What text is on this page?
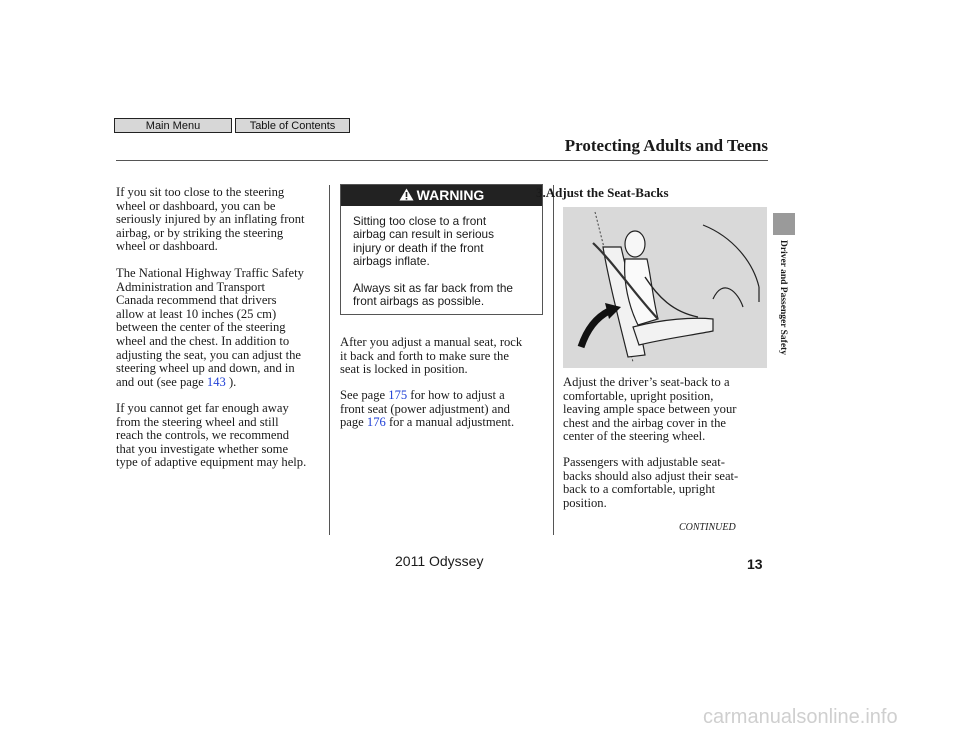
Main Menu	Table of Contents
Protecting Adults and Teens

If you sit too close to the steering
wheel or dashboard, you can be
seriously injured by an inflating front
airbag, or by striking the steering
wheel or dashboard.

The National Highway Traffic Safety
Administration and Transport
Canada recommend that drivers
allow at least 10 inches (25 cm)
between the center of the steering
wheel and the chest. In addition to
adjusting the seat, you can adjust the
steering wheel up and down, and in
and out (see page 143 ).

If you cannot get far enough away
from the steering wheel and still
reach the controls, we recommend
that you investigate whether some
type of adaptive equipment may help.

WARNING

Sitting too close to a front
airbag can result in serious
injury or death if the front
airbags inflate.

Always sit as far back from the
front airbags as possible.

After you adjust a manual seat, rock
it back and forth to make sure the
seat is locked in position.

See page 175 for how to adjust a
front seat (power adjustment) and
page 176 for a manual adjustment.

3.Adjust the Seat-Backs

Adjust the driver’s seat-back to a
comfortable, upright position,
leaving ample space between your
chest and the airbag cover in the
center of the steering wheel.

Passengers with adjustable seat-
backs should also adjust their seat-
back to a comfortable, upright
position.

Driver and Passenger Safety
CONTINUED
2011 Odyssey	13
carmanualsonline.info
